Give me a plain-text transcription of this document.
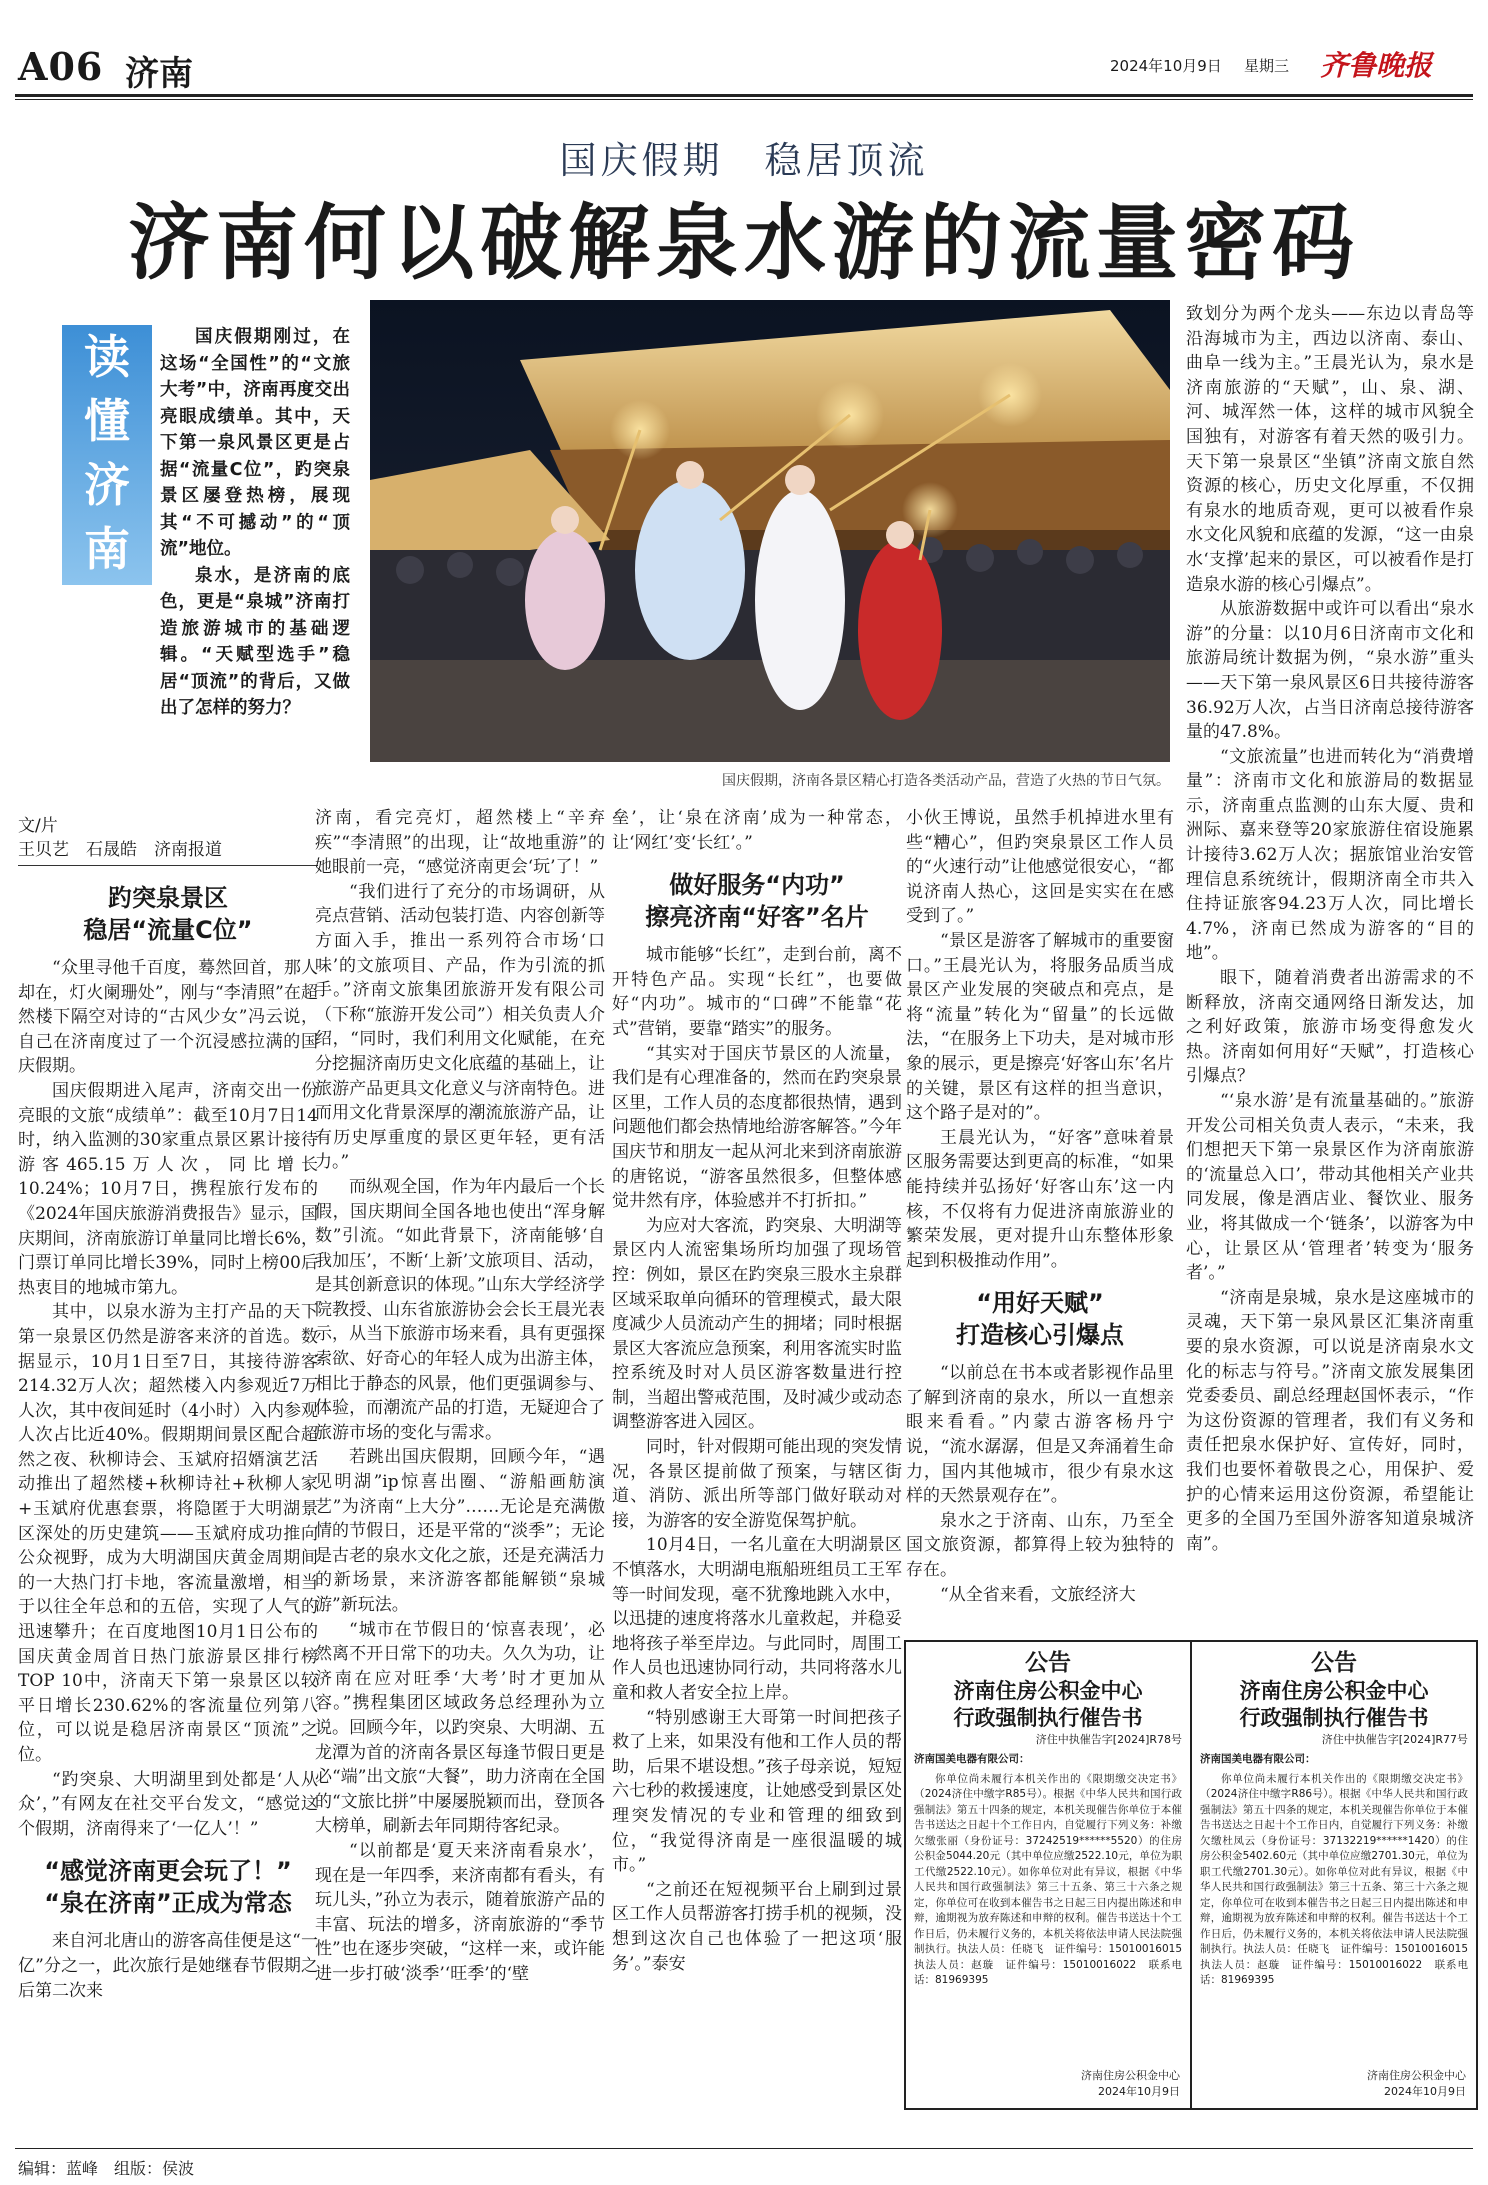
A06 济南	2024年10月9日 星期三 齐鲁晚报
国庆假期　稳居顶流
济南何以破解泉水游的流量密码
读
懂
济
南

国庆假期刚过，在这场“全国性”的“文旅大考”中，济南再度交出亮眼成绩单。其中，天下第一泉风景区更是占据“流量C位”，趵突泉景区屡登热榜，展现其“不可撼动”的“顶流”地位。

泉水，是济南的底色，更是“泉城”济南打造旅游城市的基础逻辑。“天赋型选手”稳居“顶流”的背后，又做出了怎样的努力？

国庆假期，济南各景区精心打造各类活动产品，营造了火热的节日气氛。
文/片
王贝艺　石晟皓　济南报道
趵突泉景区
稳居“流量C位”

“众里寻他千百度，蓦然回首，那人却在，灯火阑珊处”，刚与“李清照”在超然楼下隔空对诗的“古风少女”冯云说，自己在济南度过了一个沉浸感拉满的国庆假期。

国庆假期进入尾声，济南交出一份亮眼的文旅“成绩单”：截至10月7日14时，纳入监测的30家重点景区累计接待游客465.15万人次，同比增长10.24%；10月7日，携程旅行发布的《2024年国庆旅游消费报告》显示，国庆期间，济南旅游订单量同比增长6%，门票订单同比增长39%，同时上榜00后热衷目的地城市第九。

其中，以泉水游为主打产品的天下第一泉景区仍然是游客来济的首选。数据显示，10月1日至7日，其接待游客214.32万人次；超然楼入内参观近7万人次，其中夜间延时（4小时）入内参观人次占比近40%。假期期间景区配合超然之夜、秋柳诗会、玉斌府招婿演艺活动推出了超然楼+秋柳诗社+秋柳人家+玉斌府优惠套票，将隐匿于大明湖景区深处的历史建筑——玉斌府成功推向公众视野，成为大明湖国庆黄金周期间的一大热门打卡地，客流量激增，相当于以往全年总和的五倍，实现了人气的迅速攀升；在百度地图10月1日公布的国庆黄金周首日热门旅游景区排行榜TOP 10中，济南天下第一泉景区以较平日增长230.62%的客流量位列第八位，可以说是稳居济南景区“顶流”之位。

“趵突泉、大明湖里到处都是‘人从众’，”有网友在社交平台发文，“感觉这个假期，济南得来了‘一亿人’！”

“感觉济南更会玩了！”
“泉在济南”正成为常态

来自河北唐山的游客高佳便是这“一亿”分之一，此次旅行是她继春节假期之后第二次来

济南，看完亮灯，超然楼上“辛弃疾”“李清照”的出现，让“故地重游”的她眼前一亮，“感觉济南更会‘玩’了！”

“我们进行了充分的市场调研，从亮点营销、活动包装打造、内容创新等方面入手，推出一系列符合市场‘口味’的文旅项目、产品，作为引流的抓手。”济南文旅集团旅游开发有限公司（下称“旅游开发公司”）相关负责人介绍，“同时，我们利用文化赋能，在充分挖掘济南历史文化底蕴的基础上，让旅游产品更具文化意义与济南特色。进而用文化背景深厚的潮流旅游产品，让有历史厚重度的景区更年轻，更有活力。”

而纵观全国，作为年内最后一个长假，国庆期间全国各地也使出“浑身解数”引流。“如此背景下，济南能够‘自我加压’，不断‘上新’文旅项目、活动，是其创新意识的体现。”山东大学经济学院教授、山东省旅游协会会长王晨光表示，从当下旅游市场来看，具有更强探索欲、好奇心的年轻人成为出游主体，相比于静态的风景，他们更强调参与、体验，而潮流产品的打造，无疑迎合了旅游市场的变化与需求。

若跳出国庆假期，回顾今年，“遇见明湖”ip惊喜出圈、“游船画舫演艺”为济南“上大分”……无论是充满傲情的节假日，还是平常的“淡季”；无论是古老的泉水文化之旅，还是充满活力的新场景，来济游客都能解锁“泉城游”新玩法。

“城市在节假日的‘惊喜表现’，必然离不开日常下的功夫。久久为功，让济南在应对旺季‘大考’时才更加从容。”携程集团区域政务总经理孙为立说。回顾今年，以趵突泉、大明湖、五龙潭为首的济南各景区每逢节假日更是必“端”出文旅“大餐”，助力济南在全国的“文旅比拼”中屡屡脱颖而出，登顶各大榜单，刷新去年同期待客纪录。

“以前都是‘夏天来济南看泉水’，现在是一年四季，来济南都有看头，有玩儿头，”孙立为表示，随着旅游产品的丰富、玩法的增多，济南旅游的“季节性”也在逐步突破，“这样一来，或许能进一步打破‘淡季’‘旺季’的‘壁

垒’，让‘泉在济南’成为一种常态，让‘网红’变‘长红’。”

做好服务“内功”
擦亮济南“好客”名片

城市能够“长红”，走到台前，离不开特色产品。实现“长红”，也要做好“内功”。城市的“口碑”不能靠“花式”营销，要靠“踏实”的服务。

“其实对于国庆节景区的人流量，我们是有心理准备的，然而在趵突泉景区里，工作人员的态度都很热情，遇到问题他们都会热情地给游客解答。”今年国庆节和朋友一起从河北来到济南旅游的唐铭说，“游客虽然很多，但整体感觉井然有序，体验感并不打折扣。”

为应对大客流，趵突泉、大明湖等景区内人流密集场所均加强了现场管控：例如，景区在趵突泉三股水主泉群区域采取单向循环的管理模式，最大限度减少人员流动产生的拥堵；同时根据景区大客流应急预案，利用客流实时监控系统及时对人员区游客数量进行控制，当超出警戒范围，及时减少或动态调整游客进入园区。

同时，针对假期可能出现的突发情况，各景区提前做了预案，与辖区街道、消防、派出所等部门做好联动对接，为游客的安全游览保驾护航。

10月4日，一名儿童在大明湖景区不慎落水，大明湖电瓶船班组员工王军等一时间发现，毫不犹豫地跳入水中，以迅捷的速度将落水儿童救起，并稳妥地将孩子举至岸边。与此同时，周围工作人员也迅速协同行动，共同将落水儿童和救人者安全拉上岸。

“特别感谢王大哥第一时间把孩子救了上来，如果没有他和工作人员的帮助，后果不堪设想。”孩子母亲说，短短六七秒的救援速度，让她感受到景区处理突发情况的专业和管理的细致到位，“我觉得济南是一座很温暖的城市。”

“之前还在短视频平台上刷到过景区工作人员帮游客打捞手机的视频，没想到这次自己也体验了一把这项‘服务’。”泰安

小伙王博说，虽然手机掉进水里有些“糟心”，但趵突泉景区工作人员的“火速行动”让他感觉很安心，“都说济南人热心，这回是实实在在感受到了。”

“景区是游客了解城市的重要窗口。”王晨光认为，将服务品质当成景区产业发展的突破点和亮点，是将“流量”转化为“留量”的长远做法，“在服务上下功夫，是对城市形象的展示，更是擦亮‘好客山东’名片的关键，景区有这样的担当意识，这个路子是对的”。

王晨光认为，“好客”意味着景区服务需要达到更高的标准，“如果能持续并弘扬好‘好客山东’这一内核，不仅将有力促进济南旅游业的繁荣发展，更对提升山东整体形象起到积极推动作用”。

“用好天赋”
打造核心引爆点

“以前总在书本或者影视作品里了解到济南的泉水，所以一直想亲眼来看看。”内蒙古游客杨丹宁说，“流水潺潺，但是又奔涌着生命力，国内其他城市，很少有泉水这样的天然景观存在”。

泉水之于济南、山东，乃至全国文旅资源，都算得上较为独特的存在。

“从全省来看，文旅经济大

致划分为两个龙头——东边以青岛等沿海城市为主，西边以济南、泰山、曲阜一线为主。”王晨光认为，泉水是济南旅游的“天赋”，山、泉、湖、河、城浑然一体，这样的城市风貌全国独有，对游客有着天然的吸引力。天下第一泉景区“坐镇”济南文旅自然资源的核心，历史文化厚重，不仅拥有泉水的地质奇观，更可以被看作泉水文化风貌和底蕴的发源，“这一由泉水‘支撑’起来的景区，可以被看作是打造泉水游的核心引爆点”。

从旅游数据中或许可以看出“泉水游”的分量：以10月6日济南市文化和旅游局统计数据为例，“泉水游”重头——天下第一泉风景区6日共接待游客36.92万人次，占当日济南总接待游客量的47.8%。

“文旅流量”也进而转化为“消费增量”：济南市文化和旅游局的数据显示，济南重点监测的山东大厦、贵和洲际、嘉来登等20家旅游住宿设施累计接待3.62万人次；据旅馆业治安管理信息系统统计，假期济南全市共入住持证旅客94.23万人次，同比增长4.7%，济南已然成为游客的“目的地”。

眼下，随着消费者出游需求的不断释放，济南交通网络日渐发达，加之利好政策，旅游市场变得愈发火热。济南如何用好“天赋”，打造核心引爆点？

“‘泉水游’是有流量基础的。”旅游开发公司相关负责人表示，“未来，我们想把天下第一泉景区作为济南旅游的‘流量总入口’，带动其他相关产业共同发展，像是酒店业、餐饮业、服务业，将其做成一个‘链条’，以游客为中心，让景区从‘管理者’转变为‘服务者’。”

“济南是泉城，泉水是这座城市的灵魂，天下第一泉风景区汇集济南重要的泉水资源，可以说是济南泉水文化的标志与符号。”济南文旅发展集团党委委员、副总经理赵国怀表示，“作为这份资源的管理者，我们有义务和责任把泉水保护好、宣传好，同时，我们也要怀着敬畏之心，用保护、爱护的心情来运用这份资源，希望能让更多的全国乃至国外游客知道泉城济南”。

公告
济南住房公积金中心
行政强制执行催告书
济住中执催告字[2024]R78号
济南国美电器有限公司：
你单位尚未履行本机关作出的《限期缴交决定书》（2024济住中缴字R85号）。根据《中华人民共和国行政强制法》第五十四条的规定，本机关现催告你单位于本催告书送达之日起十个工作日内，自觉履行下列义务：补缴欠缴张丽（身份证号：37242519******5520）的住房公积金5044.20元（其中单位应缴2522.10元，单位为职工代缴2522.10元）。如你单位对此有异议，根据《中华人民共和国行政强制法》第三十五条、第三十六条之规定，你单位可在收到本催告书之日起三日内提出陈述和申辩，逾期视为放弃陈述和申辩的权利。催告书送达十个工作日后，仍未履行义务的，本机关将依法申请人民法院强制执行。执法人员：任晓飞　证件编号：15010016015　执法人员：赵璇　证件编号：15010016022　联系电话：81969395
济南住房公积金中心
2024年10月9日
公告
济南住房公积金中心
行政强制执行催告书
济住中执催告字[2024]R77号
济南国美电器有限公司：
你单位尚未履行本机关作出的《限期缴交决定书》（2024济住中缴字R86号）。根据《中华人民共和国行政强制法》第五十四条的规定，本机关现催告你单位于本催告书送达之日起十个工作日内，自觉履行下列义务：补缴欠缴杜凤云（身份证号：37132219******1420）的住房公积金5402.60元（其中单位应缴2701.30元，单位为职工代缴2701.30元）。如你单位对此有异议，根据《中华人民共和国行政强制法》第三十五条、第三十六条之规定，你单位可在收到本催告书之日起三日内提出陈述和申辩，逾期视为放弃陈述和申辩的权利。催告书送达十个工作日后，仍未履行义务的，本机关将依法申请人民法院强制执行。执法人员：任晓飞　证件编号：15010016015　执法人员：赵璇　证件编号：15010016022　联系电话：81969395
济南住房公积金中心
2024年10月9日
编辑：蓝峰　组版：侯波
